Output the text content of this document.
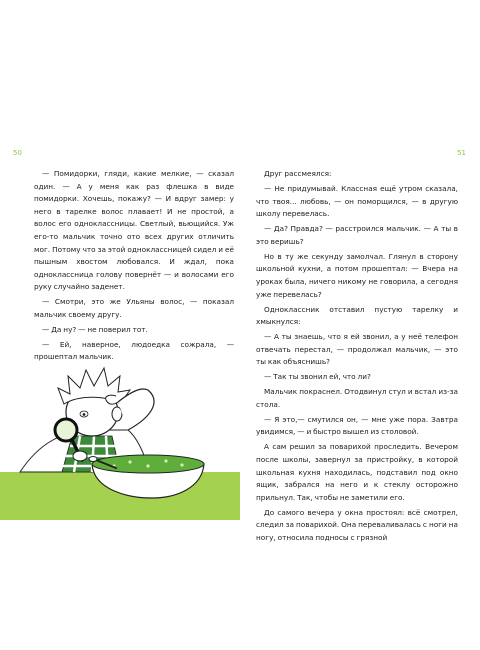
50	51

— Помидорки, гляди, какие мелкие, — сказал один. — А у меня как раз флешка в виде помидорки. Хочешь, покажу? — И вдруг замер: у него в тарелке волос плавает! И не простой, а волос его одноклассницы. Светлый, вьющийся. Уж его-то мальчик точно ото всех других отличить мог. Потому что за этой одноклассницей сидел и её пышным хвостом любовался. И ждал, пока одноклассница голову повернёт — и волосами его руку случайно заденет.

— Смотри, это же Ульяны волос, — показал мальчик своему другу.

— Да ну? — не поверил тот.

— Ей, наверное, людоедка сожрала, — прошептал мальчик.

Друг рассмеялся:

— Не придумывай. Классная ещё утром сказала, что твоя... любовь, — он поморщился, — в другую школу перевелась.

— Да? Правда? — расстроился мальчик. — А ты в это веришь?

Но в ту же секунду замолчал. Глянул в сторону школьной кухни, а потом прошептал: — Вчера на уроках была, ничего никому не говорила, а сегодня уже перевелась?

Одноклассник отставил пустую тарелку и хмыкнулся:

— А ты знаешь, что я ей звонил, а у неё телефон отвечать перестал, — продолжал мальчик, — это ты как объяснишь?

— Так ты звонил ей, что ли?

Мальчик покраснел. Отодвинул стул и встал из-за стола.

— Я это,— смутился он, — мне уже пора. Завтра увидимся, — и быстро вышел из столовой.

А сам решил за поварихой проследить. Вечером после школы, завернул за пристройку, в которой школьная кухня находилась, подставил под окно ящик, забрался на него и к стеклу осторожно прильнул. Так, чтобы не заметили его.

До самого вечера у окна простоял: всё смотрел, следил за поварихой. Она переваливалась с ноги на ногу, относила подносы с грязной
